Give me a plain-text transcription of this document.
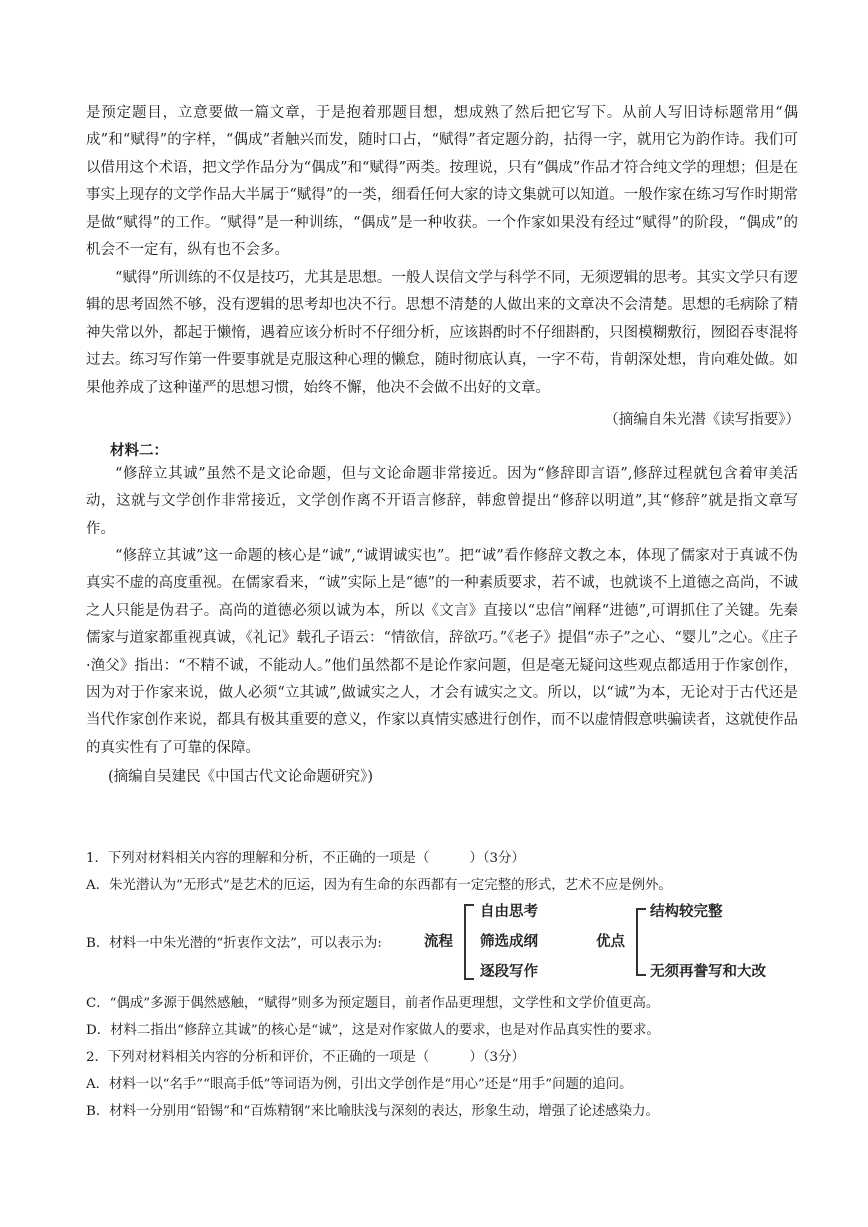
是预定题目，立意要做一篇文章，于是抱着那题目想，想成熟了然后把它写下。从前人写旧诗标题常用“偶成”和“赋得”的字样，“偶成”者触兴而发，随时口占，“赋得”者定题分韵，拈得一字，就用它为韵作诗。我们可以借用这个术语，把文学作品分为“偶成”和“赋得”两类。按理说，只有“偶成”作品才符合纯文学的理想；但是在事实上现存的文学作品大半属于“赋得”的一类，细看任何大家的诗文集就可以知道。一般作家在练习写作时期常是做“赋得”的工作。“赋得”是一种训练，“偶成”是一种收获。一个作家如果没有经过“赋得”的阶段，“偶成”的机会不一定有，纵有也不会多。

“赋得”所训练的不仅是技巧，尤其是思想。一般人误信文学与科学不同，无须逻辑的思考。其实文学只有逻辑的思考固然不够，没有逻辑的思考却也决不行。思想不清楚的人做出来的文章决不会清楚。思想的毛病除了精神失常以外，都起于懒惰，遇着应该分析时不仔细分析，应该斟酌时不仔细斟酌，只图模糊敷衍，囫囵吞枣混将过去。练习写作第一件要事就是克服这种心理的懒怠，随时彻底认真，一字不苟，肯朝深处想，肯向难处做。如果他养成了这种谨严的思想习惯，始终不懈，他决不会做不出好的文章。

（摘编自朱光潜《读写指要》）

材料二：

“修辞立其诚”虽然不是文论命题，但与文论命题非常接近。因为“修辞即言语”,修辞过程就包含着审美活动，这就与文学创作非常接近，文学创作离不开语言修辞，韩愈曾提出“修辞以明道”,其“修辞”就是指文章写作。

“修辞立其诚”这一命题的核心是“诚”,“诚谓诚实也”。把“诚”看作修辞文教之本，体现了儒家对于真诚不伪真实不虚的高度重视。在儒家看来，“诚”实际上是“德”的一种素质要求，若不诚，也就谈不上道德之高尚，不诚之人只能是伪君子。高尚的道德必须以诚为本，所以《文言》直接以“忠信”阐释“进德”,可谓抓住了关键。先秦儒家与道家都重视真诚，《礼记》载孔子语云：“情欲信，辞欲巧。”《老子》提倡“赤子”之心、“婴儿”之心。《庄子·渔父》指出：“不精不诚，不能动人。”他们虽然都不是论作家问题，但是毫无疑问这些观点都适用于作家创作，因为对于作家来说，做人必须“立其诚”,做诚实之人，才会有诚实之文。所以，以“诚”为本，无论对于古代还是当代作家创作来说，都具有极其重要的意义，作家以真情实感进行创作，而不以虚情假意哄骗读者，这就使作品的真实性有了可靠的保障。

(摘编自吴建民《中国古代文论命题研究》)

1．下列对材料相关内容的理解和分析，不正确的一项是（　　　）（3分）

A．朱光潜认为“无形式”是艺术的厄运，因为有生命的东西都有一定完整的形式，艺术不应是例外。

B．材料一中朱光潜的“折衷作文法”，可以表示为:	流程
自由思考
筛选成纲
逐段写作
优点
结构较完整
无须再誊写和大改

C．“偶成”多源于偶然感触，“赋得”则多为预定题目，前者作品更理想，文学性和文学价值更高。

D．材料二指出“修辞立其诚”的核心是“诚”，这是对作家做人的要求，也是对作品真实性的要求。

2．下列对材料相关内容的分析和评价，不正确的一项是（　　　）（3分）

A．材料一以“名手”“眼高手低”等词语为例，引出文学创作是“用心”还是“用手”问题的追问。

B．材料一分别用“铅锡”和“百炼精钢”来比喻肤浅与深刻的表达，形象生动，增强了论述感染力。
